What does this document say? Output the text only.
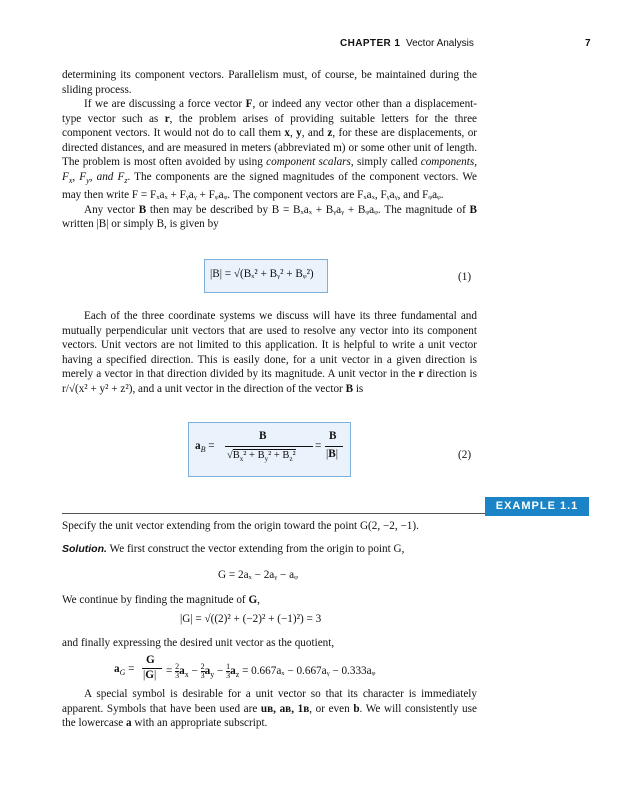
CHAPTER 1 Vector Analysis	7

determining its component vectors. Parallelism must, of course, be maintained during the sliding process.

If we are discussing a force vector F, or indeed any vector other than a displacement-type vector such as r, the problem arises of providing suitable letters for the three component vectors. It would not do to call them x, y, and z, for these are displacements, or directed distances, and are measured in meters (abbreviated m) or some other unit of length. The problem is most often avoided by using component scalars, simply called components, $F_x$, $F_y$, and $F_z$. The components are the signed magnitudes of the component vectors. We may then write F = Fₓaₓ + Fᵧaᵧ + Fᵩaᵩ. The component vectors are Fₓaₓ, Fᵧaᵧ, and Fᵩaᵩ.

Any vector B then may be described by B = Bₓaₓ + Bᵧaᵧ + Bᵩaᵩ. The magnitude of B written |B| or simply B, is given by

|B| = √(Bₓ² + Bᵧ² + Bᵩ²)	(1)

Each of the three coordinate systems we discuss will have its three fundamental and mutually perpendicular unit vectors that are used to resolve any vector into its component vectors. Unit vectors are not limited to this application. It is helpful to write a unit vector having a specified direction. This is easily done, for a unit vector in a given direction is merely a vector in that direction divided by its magnitude. A unit vector in the r direction is r/√(x² + y² + z²), and a unit vector in the direction of the vector B is

$a_B$ =
B
$√B_x^2 + B_y^2 + B_z^2$
=
B
|B|	(2)
EXAMPLE 1.1
Specify the unit vector extending from the origin toward the point G(2, −2, −1).
Solution. We first construct the vector extending from the origin to point G,
G = 2aₓ − 2aᵧ − aᵩ
We continue by finding the magnitude of G,
|G| = √((2)² + (−2)² + (−1)²) = 3
and finally expressing the desired unit vector as the quotient,
$a_G$ =
G
$|G| = \frac{2}{3}a_x - \frac{2}{3}a_y - \frac{1}{3}a_z = 0.667a_x$ − 0.667aᵧ − 0.333aᵩ

A special symbol is desirable for a unit vector so that its character is immediately apparent. Symbols that have been used are uʙ, aʙ, 1ʙ, or even b. We will consistently use the lowercase a with an appropriate subscript.
